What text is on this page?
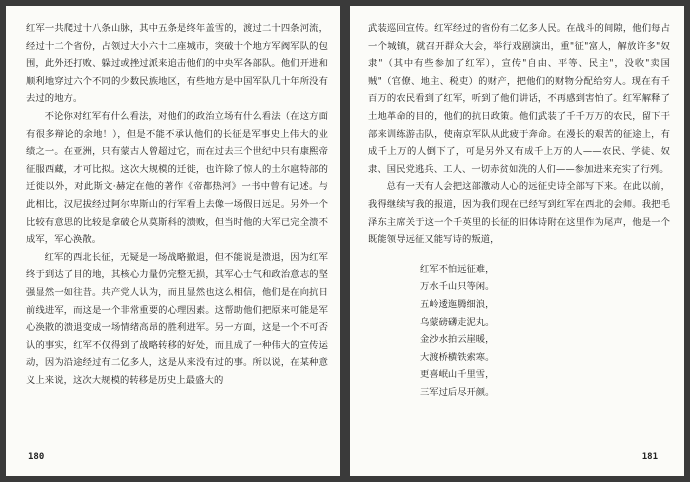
红军一共爬过十八条山脉，其中五条是终年盖雪的，渡过二十四条河流，经过十二个省份，占领过大小六十二座城市，突破十个地方军阀军队的包围，此外还打败、躲过或挫过派来追击他们的中央军各部队。他们开进和顺利地穿过六个不同的少数民族地区，有些地方是中国军队几十年所没有去过的地方。

不论你对红军有什么看法，对他们的政治立场有什么看法（在这方面有很多辩论的余地！），但是不能不承认他们的长征是军事史上伟大的业绩之一。在亚洲，只有蒙古人曾超过它，而在过去三个世纪中只有康熙帝征服西藏，才可比拟。这次大规模的迁徙，也许除了惊人的土尔扈特部的迁徙以外，对此斯文·赫定在他的著作《帝都热河》一书中曾有记述。与此相比，汉尼拔经过阿尔卑斯山的行军看上去像一场假日远足。另外一个比较有意思的比较是拿破仑从莫斯科的溃败，但当时他的大军已完全溃不成军，军心涣散。

红军的西北长征，无疑是一场战略撤退，但不能说是溃退，因为红军终于到达了目的地，其核心力量仍完整无损，其军心士气和政治意志的坚强显然一如往昔。共产党人认为，而且显然也这么相信，他们是在向抗日前线进军，而这是一个非常重要的心理因素。这帮助他们把原来可能是军心涣散的溃退变成一场情绪高昂的胜利进军。另一方面，这是一个不可否认的事实，红军不仅得到了战略转移的好处，而且成了一种伟大的宣传运动，因为沿途经过有二亿多人，这是从来没有过的事。所以说，在某种意义上来说，这次大规模的转移是历史上最盛大的

180

武装巡回宣传。红军经过的省份有二亿多人民。在战斗的间隙，他们每占一个城镇，就召开群众大会，举行戏剧演出，重"征"富人，解放许多"奴隶"（其中有些参加了红军），宣传"自由、平等、民主"，没收"卖国贼"（官僚、地主、税吏）的财产，把他们的财物分配给穷人。现在有千百万的农民看到了红军，听到了他们讲话，不再感到害怕了。红军解释了土地革命的目的，他们的抗日政策。他们武装了千千万万的农民，留下干部来训练游击队，使南京军队从此疲于奔命。在漫长的艰苦的征途上，有成千上万的人倒下了，可是另外又有成千上万的人——农民、学徒、奴隶、国民党逃兵、工人、一切赤贫如洗的人们——参加进来充实了行列。

总有一天有人会把这部激动人心的远征史诗全部写下来。在此以前，我得继续写我的报道，因为我们现在已经写到红军在西北的会师。我把毛泽东主席关于这一个千英里的长征的旧体诗附在这里作为尾声，他是一个既能领导远征又能写诗的叛道，

红军不怕远征难，
万水千山只等闲。
五岭逶迤腾细浪，
乌蒙磅礴走泥丸。
金沙水拍云崖暖，
大渡桥横铁索寒。
更喜岷山千里雪，
三军过后尽开颜。
181
